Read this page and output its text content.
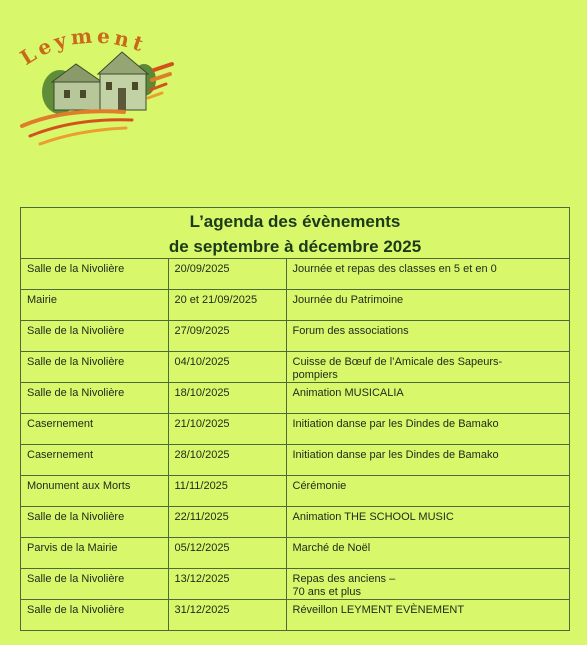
Leyment
L’agenda des évènements
de septembre à décembre 2025
Salle de la Nivolière	20/09/2025	Journée et repas des classes en 5 et en 0
Mairie	20 et 21/09/2025	Journée du Patrimoine
Salle de la Nivolière	27/09/2025	Forum des associations
Salle de la Nivolière	04/10/2025	Cuisse de Bœuf de l’Amicale des Sapeurs-
pompiers
Salle de la Nivolière	18/10/2025	Animation MUSICALIA
Casernement	21/10/2025	Initiation danse par les Dindes de Bamako
Casernement	28/10/2025	Initiation danse par les Dindes de Bamako
Monument aux Morts	11/11/2025	Cérémonie
Salle de la Nivolière	22/11/2025	Animation THE SCHOOL MUSIC
Parvis de la Mairie	05/12/2025	Marché de Noël
Salle de la Nivolière	13/12/2025	Repas des anciens –
70 ans et plus
Salle de la Nivolière	31/12/2025	Réveillon LEYMENT EVÈNEMENT
